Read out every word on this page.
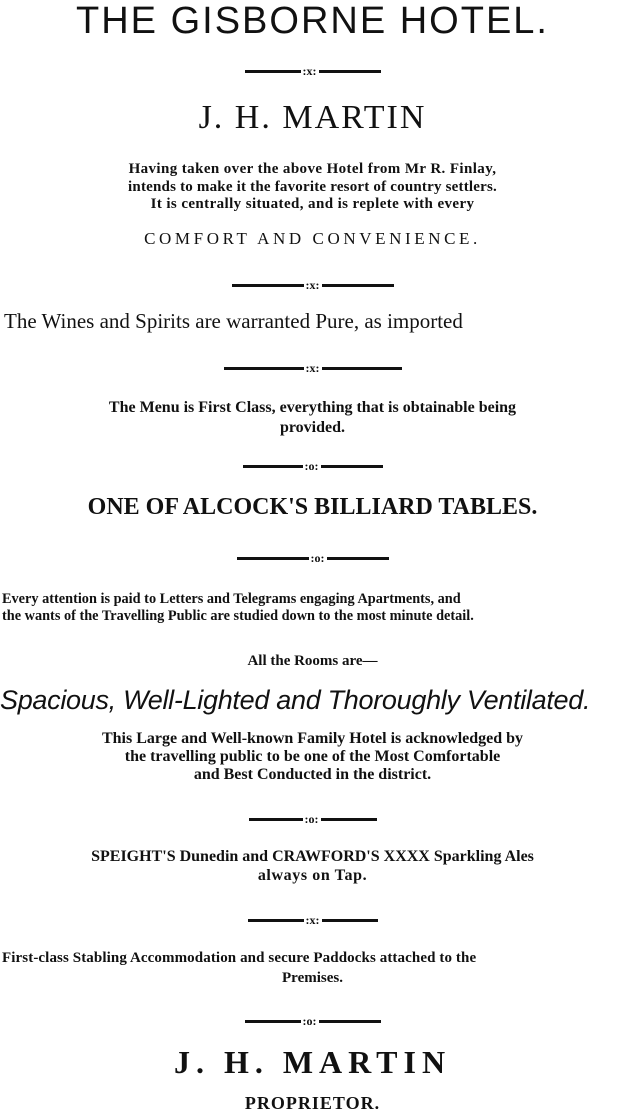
THE GISBORNE HOTEL.
:x:
J. H. MARTIN
Having taken over the above Hotel from Mr R. Finlay,
intends to make it the favorite resort of country settlers.
It is centrally situated, and is replete with every
COMFORT AND CONVENIENCE.
:x:
The Wines and Spirits are warranted Pure, as imported
:x:
The Menu is First Class, everything that is obtainable being
provided.
:o:
ONE OF ALCOCK'S BILLIARD TABLES.
:o:
Every attention is paid to Letters and Telegrams engaging Apartments, and
the wants of the Travelling Public are studied down to the most minute detail.
All the Rooms are—
Spacious, Well-Lighted and Thoroughly Ventilated.
This Large and Well-known Family Hotel is acknowledged by
the travelling public to be one of the Most Comfortable
and Best Conducted in the district.
:o:
SPEIGHT'S Dunedin and CRAWFORD'S XXXX Sparkling Ales
always on Tap.
:x:
First-class Stabling Accommodation and secure Paddocks attached to the
Premises.
:o:
J. H. MARTIN
PROPRIETOR.
